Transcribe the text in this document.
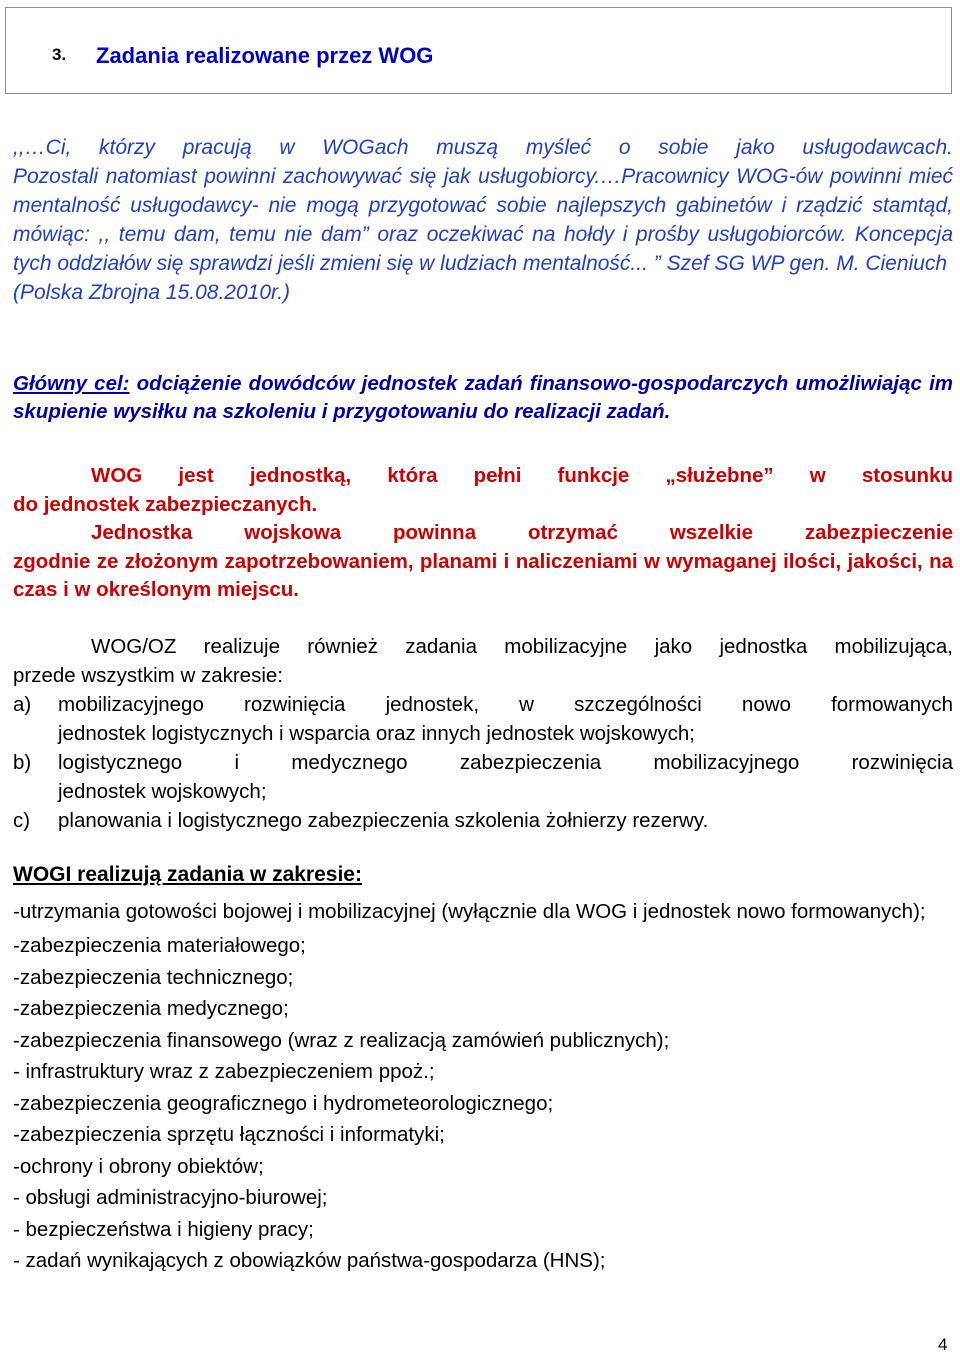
3. Zadania realizowane przez WOG
,,…Ci, którzy pracują w WOGach muszą myśleć o sobie jako usługodawcach.
Pozostali natomiast powinni zachowywać się jak usługobiorcy.…Pracownicy WOG-ów powinni mieć mentalność usługodawcy- nie mogą przygotować sobie najlepszych gabinetów i rządzić stamtąd, mówiąc: ,, temu dam, temu nie dam” oraz oczekiwać na hołdy i prośby usługobiorców. Koncepcja tych oddziałów się sprawdzi jeśli zmieni się w ludziach mentalność... ” Szef SG WP gen. M. Cieniuch
(Polska Zbrojna 15.08.2010r.)
Główny cel: odciążenie dowódców jednostek zadań finansowo-gospodarczych umożliwiając im skupienie wysiłku na szkoleniu i przygotowaniu do realizacji zadań.
WOG jest jednostką, która pełni funkcje „służebne” w stosunku
do jednostek zabezpieczanych.
Jednostka wojskowa powinna otrzymać wszelkie zabezpieczenie
zgodnie ze złożonym zapotrzebowaniem, planami i naliczeniami w wymaganej ilości, jakości, na czas i w określonym miejscu.
WOG/OZ realizuje również zadania mobilizacyjne jako jednostka mobilizująca,
przede wszystkim w zakresie:
a) mobilizacyjnego rozwinięcia jednostek, w szczególności nowo formowanych
jednostek logistycznych i wsparcia oraz innych jednostek wojskowych;
b) logistycznego i medycznego zabezpieczenia mobilizacyjnego rozwinięcia
jednostek wojskowych;
c) planowania i logistycznego zabezpieczenia szkolenia żołnierzy rezerwy.
WOGI realizują zadania w zakresie:
-utrzymania gotowości bojowej i mobilizacyjnej (wyłącznie dla WOG i jednostek nowo formowanych);
-zabezpieczenia materiałowego;
-zabezpieczenia technicznego;
-zabezpieczenia medycznego;
-zabezpieczenia finansowego (wraz z realizacją zamówień publicznych);
- infrastruktury wraz z zabezpieczeniem ppoż.;
-zabezpieczenia geograficznego i hydrometeorologicznego;
-zabezpieczenia sprzętu łączności i informatyki;
-ochrony i obrony obiektów;
- obsługi administracyjno-biurowej;
- bezpieczeństwa i higieny pracy;
- zadań wynikających z obowiązków państwa-gospodarza (HNS);
4
